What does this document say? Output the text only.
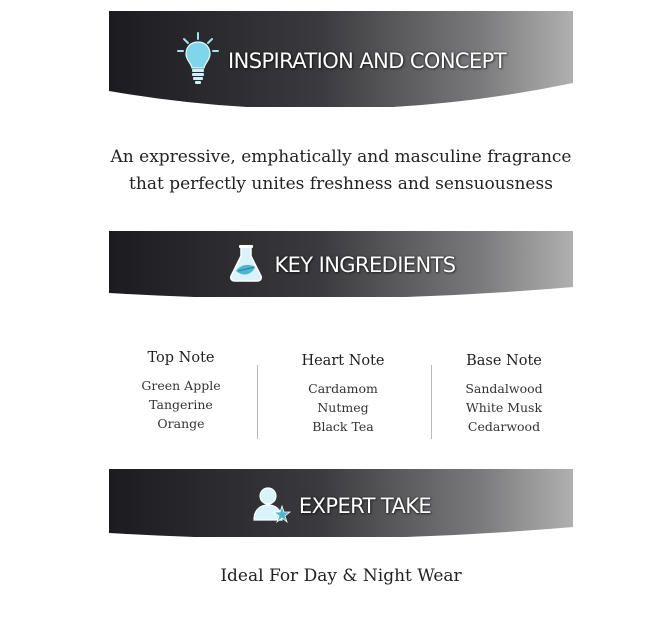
INSPIRATION AND CONCEPT
An expressive, emphatically and masculine fragrance
that perfectly unites freshness and sensuousness
KEY INGREDIENTS
Top Note
Green Apple
Tangerine
Orange
Heart Note
Cardamom
Nutmeg
Black Tea
Base Note
Sandalwood
White Musk
Cedarwood
EXPERT TAKE
Ideal For Day & Night Wear
